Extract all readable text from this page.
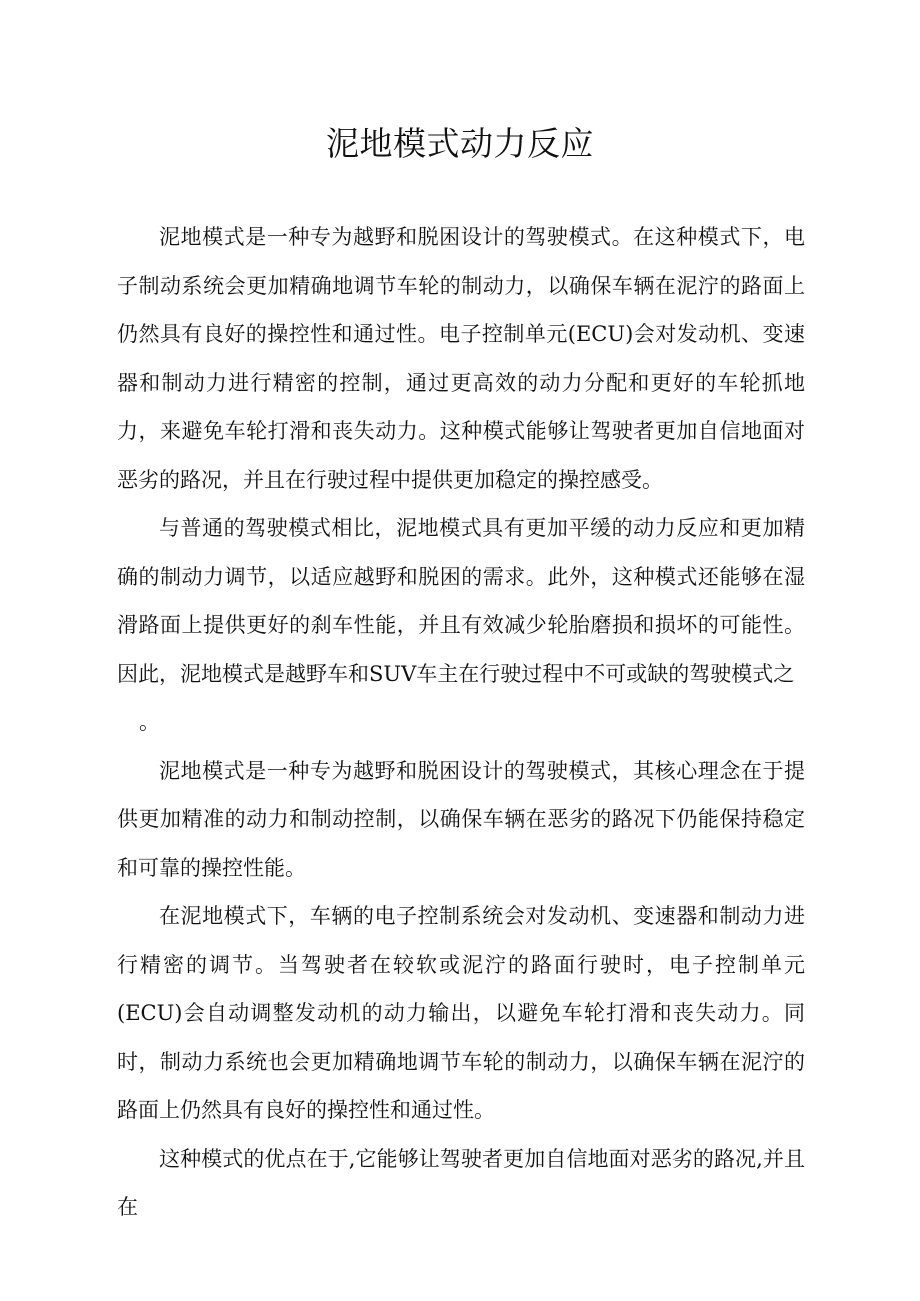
泥地模式动力反应

泥地模式是一种专为越野和脱困设计的驾驶模式。在这种模式下，电子制动系统会更加精确地调节车轮的制动力，以确保车辆在泥泞的路面上仍然具有良好的操控性和通过性。电子控制单元(ECU)会对发动机、变速器和制动力进行精密的控制，通过更高效的动力分配和更好的车轮抓地力，来避免车轮打滑和丧失动力。这种模式能够让驾驶者更加自信地面对恶劣的路况，并且在行驶过程中提供更加稳定的操控感受。

与普通的驾驶模式相比，泥地模式具有更加平缓的动力反应和更加精确的制动力调节，以适应越野和脱困的需求。此外，这种模式还能够在湿滑路面上提供更好的刹车性能，并且有效减少轮胎磨损和损坏的可能性。因此，泥地模式是越野车和SUV车主在行驶过程中不可或缺的驾驶模式之

。

泥地模式是一种专为越野和脱困设计的驾驶模式，其核心理念在于提供更加精准的动力和制动控制，以确保车辆在恶劣的路况下仍能保持稳定和可靠的操控性能。

在泥地模式下，车辆的电子控制系统会对发动机、变速器和制动力进行精密的调节。当驾驶者在较软或泥泞的路面行驶时，电子控制单元(ECU)会自动调整发动机的动力输出，以避免车轮打滑和丧失动力。同时，制动力系统也会更加精确地调节车轮的制动力，以确保车辆在泥泞的路面上仍然具有良好的操控性和通过性。

这种模式的优点在于,它能够让驾驶者更加自信地面对恶劣的路况,并且在
